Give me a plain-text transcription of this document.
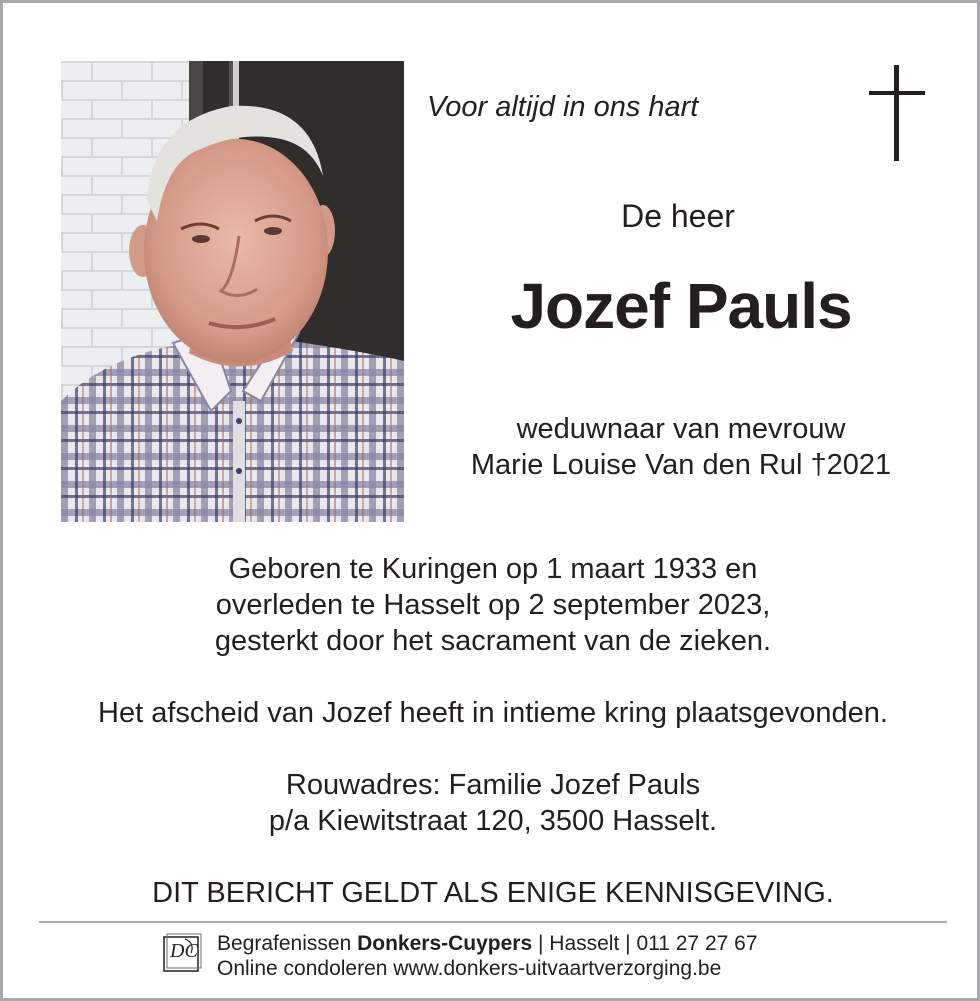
Voor altijd in ons hart
De heer
Jozef Pauls
weduwnaar van mevrouw
Marie Louise Van den Rul †2021
Geboren te Kuringen op 1 maart 1933 en
overleden te Hasselt op 2 september 2023,
gesterkt door het sacrament van de zieken.
Het afscheid van Jozef heeft in intieme kring plaatsgevonden.
Rouwadres: Familie Jozef Pauls
p/a Kiewitstraat 120, 3500 Hasselt.
DIT BERICHT GELDT ALS ENIGE KENNISGEVING.
DC Begrafenissen Donkers-Cuypers | Hasselt | 011 27 27 67
Online condoleren www.donkers-uitvaartverzorging.be
